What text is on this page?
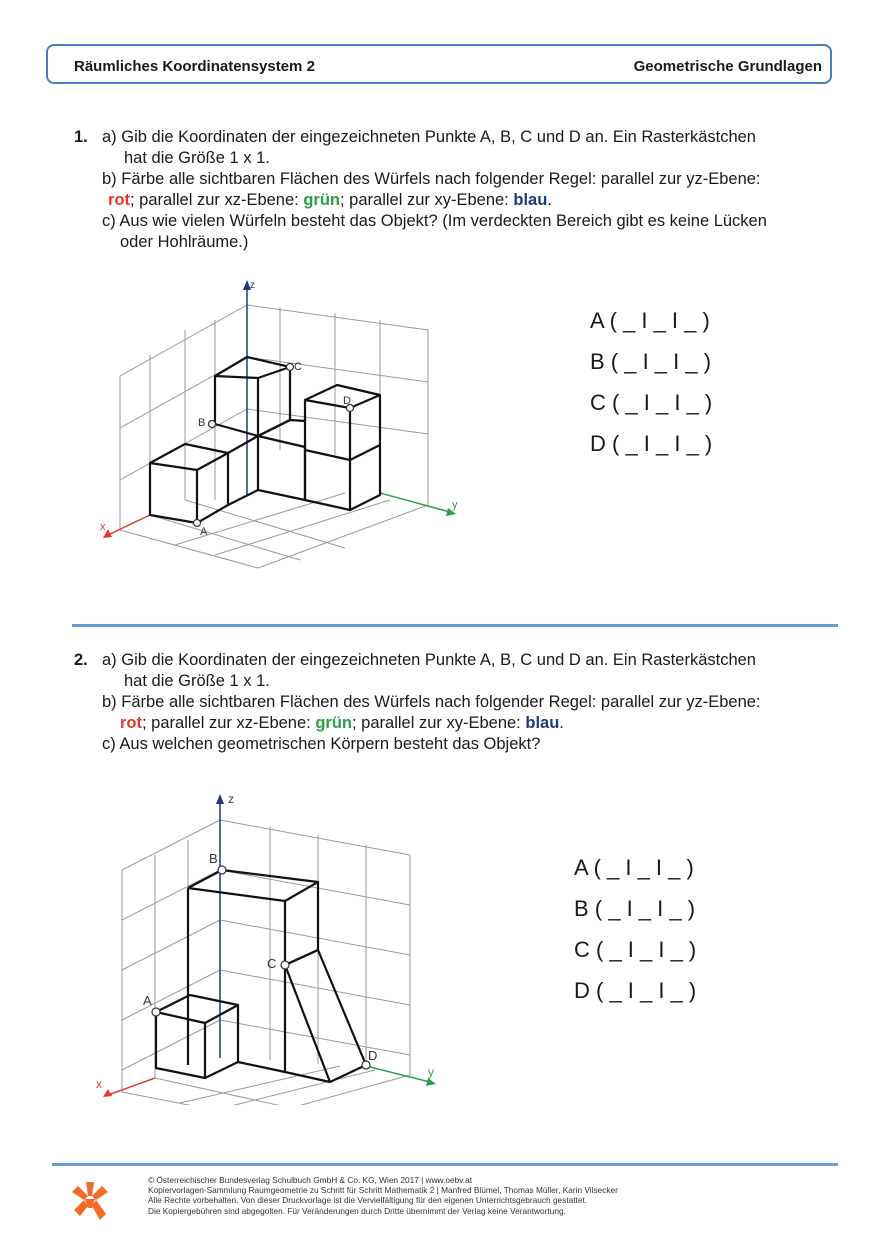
Räumliches Koordinatensystem 2	Geometrische Grundlagen
1. a) Gib die Koordinaten der eingezeichneten Punkte A, B, C und D an. Ein Rasterkästchen
hat die Größe 1 x 1.
b) Färbe alle sichtbaren Flächen des Würfels nach folgender Regel: parallel zur yz-Ebene:
rot; parallel zur xz-Ebene: grün; parallel zur xy-Ebene: blau.
c) Aus wie vielen Würfeln besteht das Objekt? (Im verdeckten Bereich gibt es keine Lücken
oder Hohlräume.)
z
y
x	A
B
C
D
A ( _ I _ I _ )
B ( _ I _ I _ )
C ( _ I _ I _ )
D ( _ I _ I _ )
2. a) Gib die Koordinaten der eingezeichneten Punkte A, B, C und D an. Ein Rasterkästchen
hat die Größe 1 x 1.
b) Färbe alle sichtbaren Flächen des Würfels nach folgender Regel: parallel zur yz-Ebene:
rot; parallel zur xz-Ebene: grün; parallel zur xy-Ebene: blau.
c) Aus welchen geometrischen Körpern besteht das Objekt?
z
y
x
A
B
C
D
A ( _ I _ I _ )
B ( _ I _ I _ )
C ( _ I _ I _ )
D ( _ I _ I _ )
© Österreichischer Bundesverlag Schulbuch GmbH & Co. KG, Wien 2017 | www.oebv.at
Kopiervorlagen-Sammlung Raumgeometrie zu Schritt für Schritt Mathematik 2 | Manfred Blümel, Thomas Müller, Karin Vilsecker
Alle Rechte vorbehalten. Von dieser Druckvorlage ist die Vervielfältigung für den eigenen Unterrichtsgebrauch gestattet.
Die Kopiergebühren sind abgegolten. Für Veränderungen durch Dritte übernimmt der Verlag keine Verantwortung.
